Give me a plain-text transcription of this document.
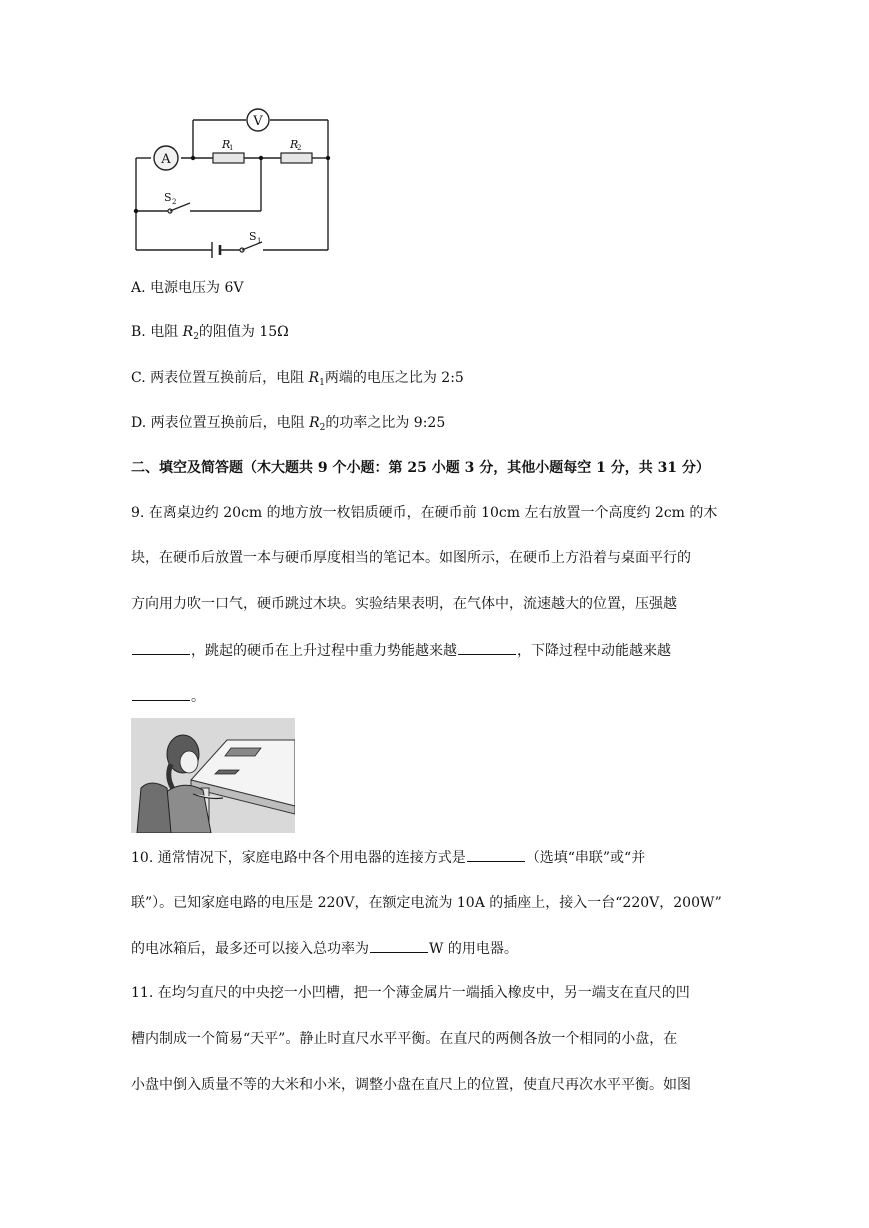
V
A
R
1	R
2
S 2
S 1
A. 电源电压为 6V
B. 电阻 $R_2$的阻值为 15Ω
C. 两表位置互换前后，电阻 $R_1$两端的电压之比为 2:5
D. 两表位置互换前后，电阻 $R_2$的功率之比为 9:25
二、填空及简答题（木大题共 9 个小题：第 25 小题 3 分，其他小题每空 1 分，共 31 分）
9. 在离桌边约 20cm 的地方放一枚铝质硬币，在硬币前 10cm 左右放置一个高度约 2cm 的木
块，在硬币后放置一本与硬币厚度相当的笔记本。如图所示，在硬币上方沿着与桌面平行的
方向用力吹一口气，硬币跳过木块。实验结果表明，在气体中，流速越大的位置，压强越
，跳起的硬币在上升过程中重力势能越来越	，下降过程中动能越来越
。
10. 通常情况下，家庭电路中各个用电器的连接方式是	（选填“串联”或“并
联”）。已知家庭电路的电压是 220V，在额定电流为 10A 的插座上，接入一台“220V，200W”
的电冰箱后，最多还可以接入总功率为	W 的用电器。
11. 在均匀直尺的中央挖一小凹槽，把一个薄金属片一端插入橡皮中，另一端支在直尺的凹
槽内制成一个简易“天平”。静止时直尺水平平衡。在直尺的两侧各放一个相同的小盘，在
小盘中倒入质量不等的大米和小米，调整小盘在直尺上的位置，使直尺再次水平平衡。如图
